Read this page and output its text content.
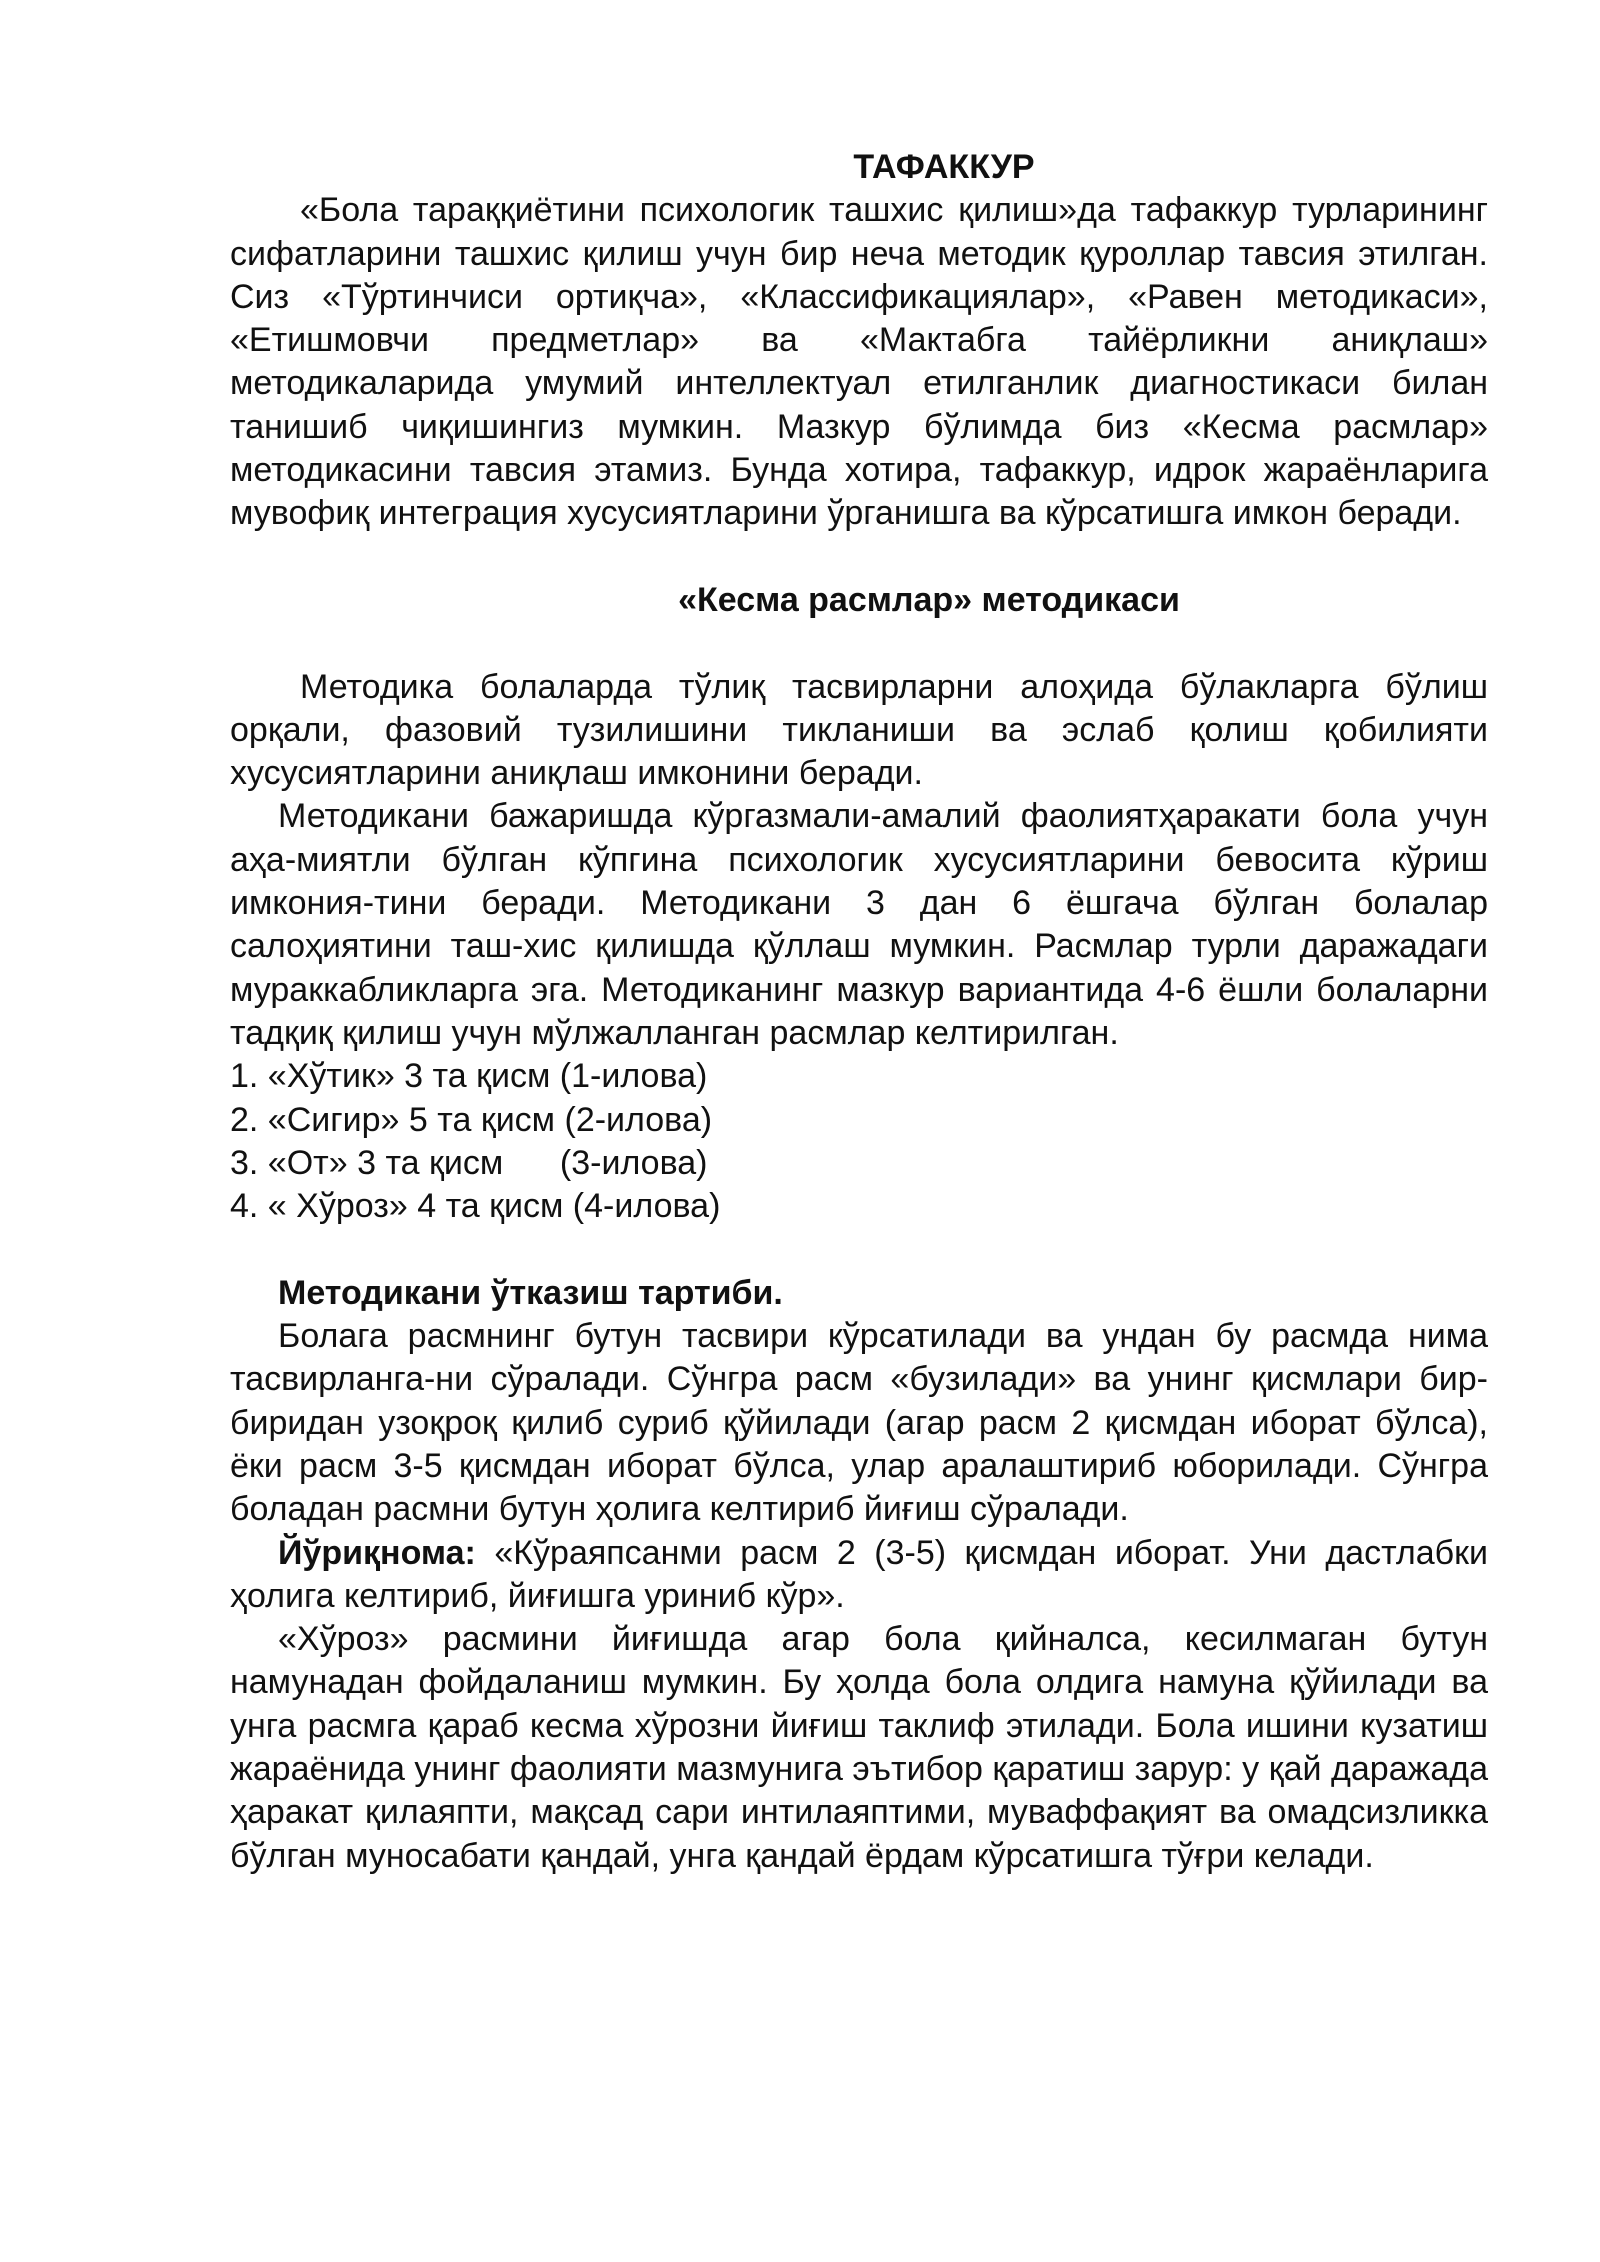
ТАФАККУР

«Бола тараққиётини психологик ташхис қилиш»да тафаккур турларининг сифатларини ташхис қилиш учун бир неча методик қуроллар тавсия этилган. Сиз «Тўртинчиси ортиқча», «Классификациялар», «Равен методикаси», «Етишмовчи предметлар» ва «Мактабга тайёрликни аниқлаш» методикаларида умумий интеллектуал етилганлик диагностикаси билан танишиб чиқишингиз мумкин. Мазкур бўлимда биз «Кесма расмлар» методикасини тавсия этамиз. Бунда хотира, тафаккур, идрок жараёнларига мувофиқ интеграция хусусиятларини ўрганишга ва кўрсатишга имкон беради.

«Кесма расмлар» методикаси

Методика болаларда тўлиқ тасвирларни алоҳида бўлакларга бўлиш орқали, фазовий тузилишини тикланиши ва эслаб қолиш қобилияти хусусиятларини аниқлаш имконини беради.

Методикани бажаришда кўргазмали-амалий фаолиятҳаракати бола учун аҳа-миятли бўлган кўпгина психологик хусусиятларини бевосита кўриш имкония-тини беради. Методикани 3 дан 6 ёшгача бўлган болалар салоҳиятини таш-хис қилишда қўллаш мумкин. Расмлар турли даражадаги мураккабликларга эга. Методиканинг мазкур вариантида 4-6 ёшли болаларни тадқиқ қилиш учун мўлжалланган расмлар келтирилган.

1. «Хўтик» 3 та қисм (1-илова)

2. «Сигир» 5 та қисм (2-илова)

3. «От» 3 та қисм      (3-илова)

4. « Хўроз» 4 та қисм (4-илова)

Методикани ўтказиш тартиби.

Болага расмнинг бутун тасвири кўрсатилади ва ундан бу расмда нима тасвирланга-ни сўралади. Сўнгра расм «бузилади» ва унинг қисмлари бир-биридан узоқроқ қилиб суриб қўйилади (агар расм 2 қисмдан иборат бўлса), ёки расм 3-5 қисмдан иборат бўлса, улар аралаштириб юборилади. Сўнгра боладан расмни бутун ҳолига келтириб йиғиш сўралади.

Йўриқнома: «Кўраяпсанми расм 2 (3-5) қисмдан иборат. Уни дастлабки ҳолига келтириб, йиғишга уриниб кўр».

«Хўроз» расмини йиғишда агар бола қийналса, кесилмаган бутун намунадан фойдаланиш мумкин. Бу ҳолда бола олдига намуна қўйилади ва унга расмга қараб кесма хўрозни йиғиш таклиф этилади. Бола ишини кузатиш жараёнида унинг фаолияти мазмунига эътибор қаратиш зарур: у қай даражада ҳаракат қилаяпти, мақсад сари интилаяптими, муваффақият ва омадсизликка бўлган муносабати қандай, унга қандай ёрдам кўрсатишга тўғри келади.
